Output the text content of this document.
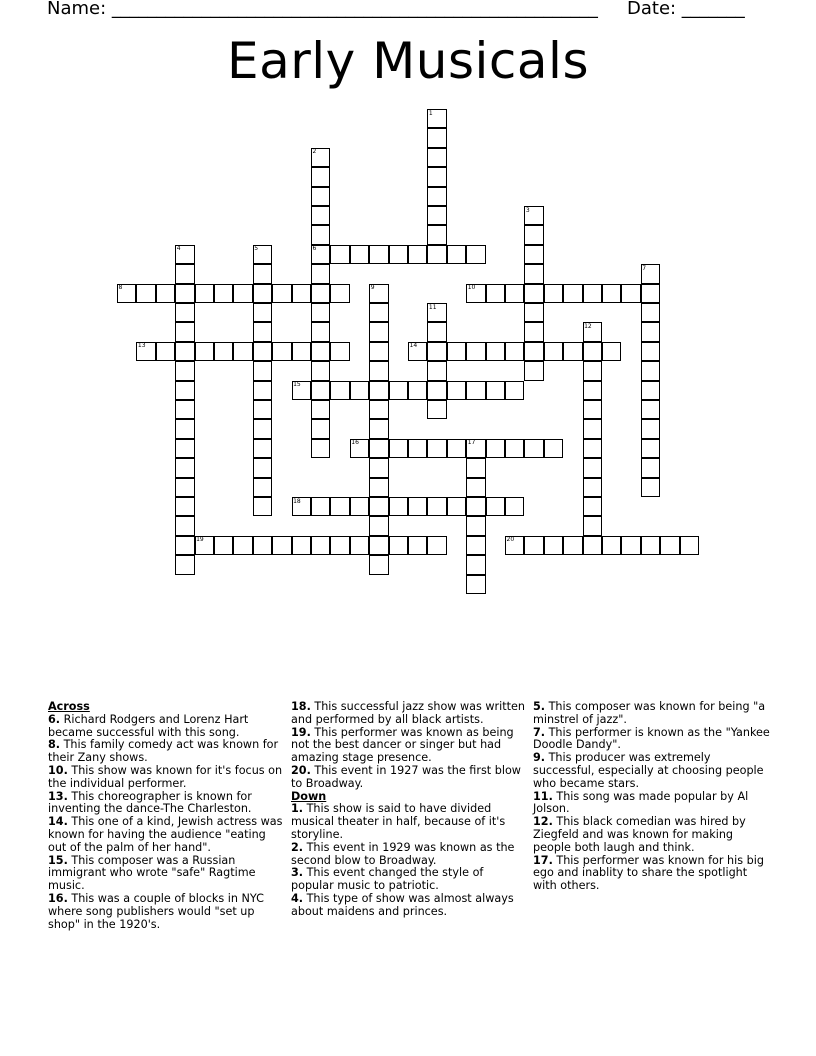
Name: ______________________________________________________ Date: _______
Early Musicals
1
2
3
4	5	6
7
8	9	10
11
12
13	14
15
16	17
18
19	20
Across
6. Richard Rodgers and Lorenz Hart became successful with this song.
8. This family comedy act was known for their Zany shows.
10. This show was known for it's focus on the individual performer.
13. This choreographer is known for inventing the dance-The Charleston.
14. This one of a kind, Jewish actress was known for having the audience "eating out of the palm of her hand".
15. This composer was a Russian immigrant who wrote "safe" Ragtime music.
16. This was a couple of blocks in NYC where song publishers would "set up shop" in the 1920's.
18. This successful jazz show was written and performed by all black artists.
19. This performer was known as being not the best dancer or singer but had amazing stage presence.
20. This event in 1927 was the first blow to Broadway.
Down
1. This show is said to have divided musical theater in half, because of it's storyline.
2. This event in 1929 was known as the second blow to Broadway.
3. This event changed the style of popular music to patriotic.
4. This type of show was almost always about maidens and princes.
5. This composer was known for being "a minstrel of jazz".
7. This performer is known as the "Yankee Doodle Dandy".
9. This producer was extremely successful, especially at choosing people who became stars.
11. This song was made popular by Al Jolson.
12. This black comedian was hired by Ziegfeld and was known for making people both laugh and think.
17. This performer was known for his big ego and inablity to share the spotlight with others.
